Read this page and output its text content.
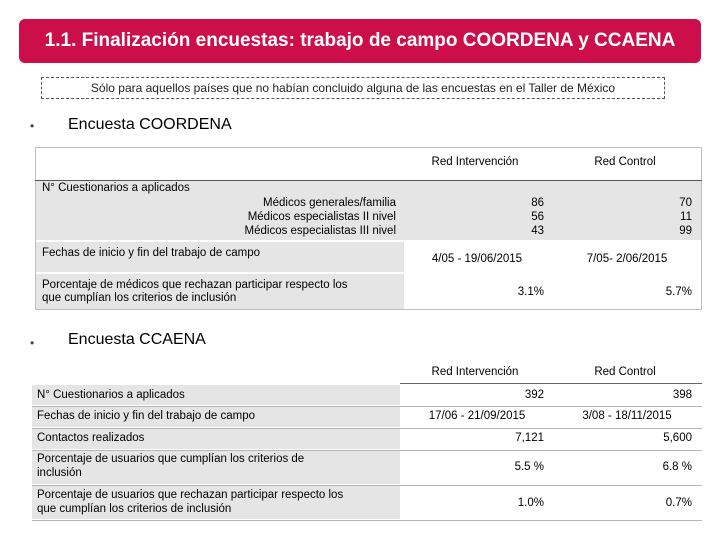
1.1. Finalización encuestas: trabajo de campo COORDENA y CCAENA
Sólo para aquellos países que no habían concluido alguna de las encuestas en el Taller de México
• Encuesta COORDENA
Red Intervención	Red Control
N° Cuestionarios a aplicados
Médicos generales/familia	86	70
Médicos especialistas II nivel	56	11
Médicos especialistas III nivel	43	99
Fechas de inicio y fin del trabajo de campo	4/05 - 19/06/2015	7/05- 2/06/2015
Porcentaje de médicos que rechazan participar respecto los
que cumplían los criterios de inclusión	3.1%	5.7%
• Encuesta CCAENA
Red Intervención	Red Control
N° Cuestionarios a aplicados	392	398
Fechas de inicio y fin del trabajo de campo	17/06 - 21/09/2015	3/08 - 18/11/2015
Contactos realizados	7,121	5,600
Porcentaje de usuarios que cumplían los criterios de
inclusión	5.5 %	6.8 %
Porcentaje de usuarios que rechazan participar respecto los
que cumplían los criterios de inclusión	1.0%	0.7%
